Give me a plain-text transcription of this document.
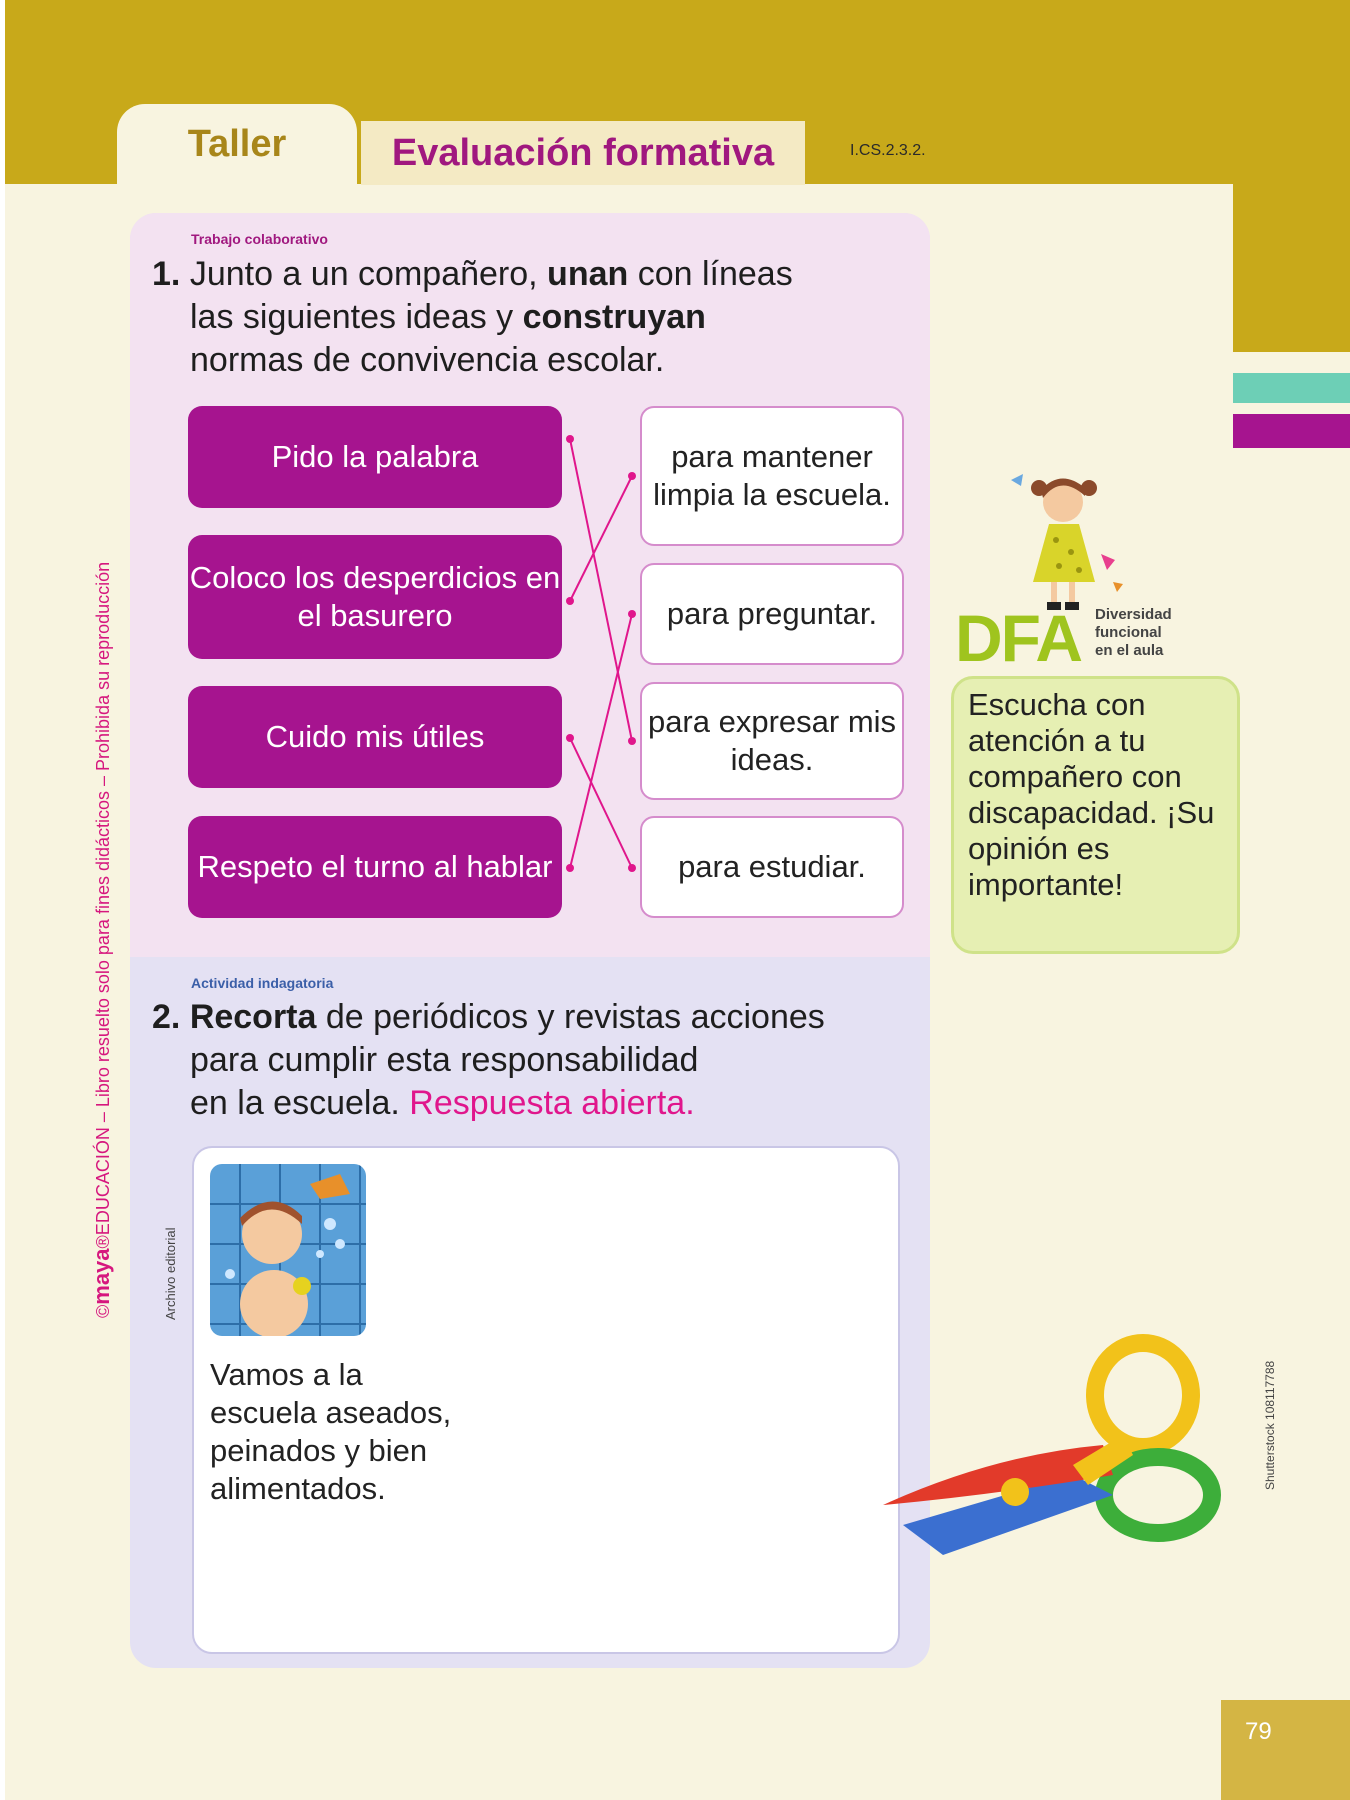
Taller	Evaluación formativa	I.CS.2.3.2.
©maya®EDUCACIÓN – Libro resuelto solo para fines didácticos – Prohibida su reproducción
Trabajo colaborativo
1. Junto a un compañero, unan con líneas
las siguientes ideas y construyan
normas de convivencia escolar.
Pido la palabra
Coloco los desperdicios en el basurero
Cuido mis útiles
Respeto el turno al hablar
para mantener limpia la escuela.
para preguntar.
para expresar mis ideas.
para estudiar.
Actividad indagatoria
2. Recorta de periódicos y revistas acciones
para cumplir esta responsabilidad
en la escuela. Respuesta abierta.
Vamos a la escuela aseados, peinados y bien alimentados.
Archivo editorial
DFA Diversidad
funcional
en el aula
Escucha con atención a tu compañero con discapacidad. ¡Su opinión es importante!
Shutterstock 108117788
79
